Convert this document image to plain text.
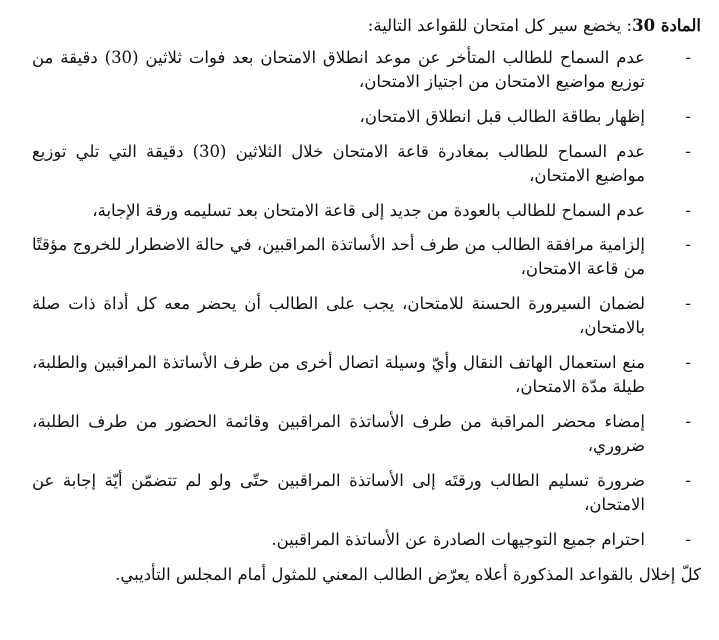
المادة 30: يخضع سير كل امتحان للقواعد التالية:

-
عدم السماح للطالب المتأخر عن موعد انطلاق الامتحان بعد فوات ثلاثين (30) دقيقة من توزيع مواضيع الامتحان من اجتياز الامتحان،
-
إظهار بطاقة الطالب قبل انطلاق الامتحان،
-
عدم السماح للطالب بمغادرة قاعة الامتحان خلال الثلاثين (30) دقيقة التي تلي توزيع مواضيع الامتحان،
-
عدم السماح للطالب بالعودة من جديد إلى قاعة الامتحان بعد تسليمه ورقة الإجابة،
-
إلزامية مرافقة الطالب من طرف أحد الأساتذة المراقبين، في حالة الاضطرار للخروج مؤقتًا من قاعة الامتحان،
-
لضمان السيرورة الحسنة للامتحان، يجب على الطالب أن يحضر معه كل أداة ذات صلة بالامتحان،
-
منع استعمال الهاتف النقال وأيّ وسيلة اتصال أخرى من طرف الأساتذة المراقبين والطلبة، طيلة مدّة الامتحان،
-
إمضاء محضر المراقبة من طرف الأساتذة المراقبين وقائمة الحضور من طرف الطلبة، ضروري،
-
ضرورة تسليم الطالب ورقتَه إلى الأساتذة المراقبين حتّى ولو لم تتضمّن أيّة إجابة عن الامتحان،
-
احترام جميع التوجيهات الصادرة عن الأساتذة المراقبين.

كلّ إخلال بالقواعد المذكورة أعلاه يعرّض الطالب المعني للمثول أمام المجلس التأديبي.
